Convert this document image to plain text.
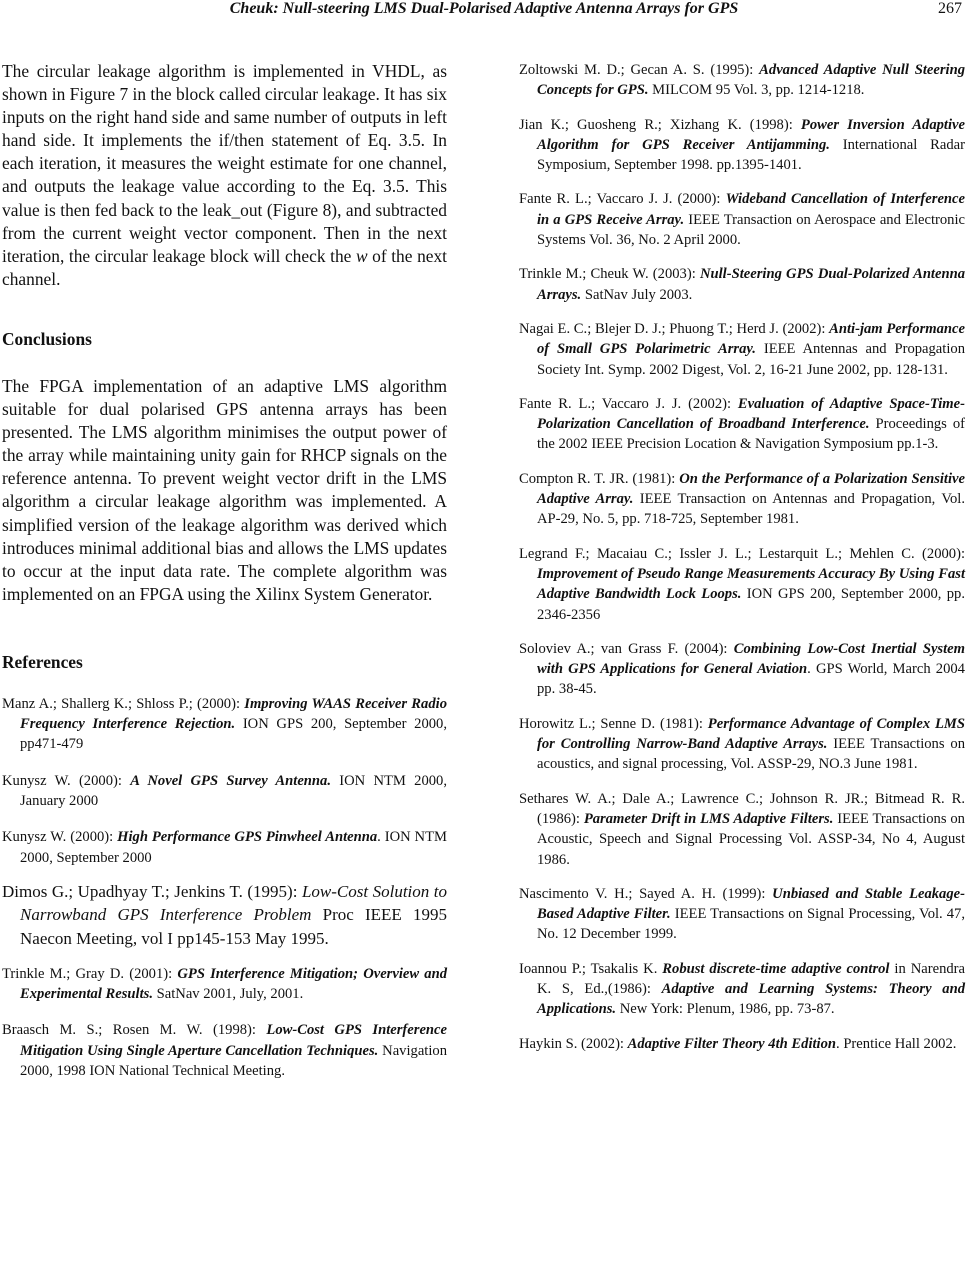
Cheuk: Null-steering LMS Dual-Polarised Adaptive Antenna Arrays for GPS	267

The circular leakage algorithm is implemented in VHDL, as shown in Figure 7 in the block called circular leakage. It has six inputs on the right hand side and same number of outputs in left hand side. It implements the if/then statement of Eq. 3.5. In each iteration, it measures the weight estimate for one channel, and outputs the leakage value according to the Eq. 3.5. This value is then fed back to the leak_out (Figure 8), and subtracted from the current weight vector component. Then in the next iteration, the circular leakage block will check the w of the next channel.

Conclusions

The FPGA implementation of an adaptive LMS algorithm suitable for dual polarised GPS antenna arrays has been presented. The LMS algorithm minimises the output power of the array while maintaining unity gain for RHCP signals on the reference antenna. To prevent weight vector drift in the LMS algorithm a circular leakage algorithm was implemented. A simplified version of the leakage algorithm was derived which introduces minimal additional bias and allows the LMS updates to occur at the input data rate. The complete algorithm was implemented on an FPGA using the Xilinx System Generator.

References

Manz A.; Shallerg K.; Shloss P.; (2000): Improving WAAS Receiver Radio Frequency Interference Rejection. ION GPS 200, September 2000, pp471-479

Kunysz W. (2000): A Novel GPS Survey Antenna. ION NTM 2000, January 2000

Kunysz W. (2000): High Performance GPS Pinwheel Antenna. ION NTM 2000, September 2000

Dimos G.; Upadhyay T.; Jenkins T. (1995): Low-Cost Solution to Narrowband GPS Interference Problem Proc IEEE 1995 Naecon Meeting, vol I pp145-153 May 1995.

Trinkle M.; Gray D. (2001): GPS Interference Mitigation; Overview and Experimental Results. SatNav 2001, July, 2001.

Braasch M. S.; Rosen M. W. (1998): Low-Cost GPS Interference Mitigation Using Single Aperture Cancellation Techniques. Navigation 2000, 1998 ION National Technical Meeting.

Zoltowski M. D.; Gecan A. S. (1995): Advanced Adaptive Null Steering Concepts for GPS. MILCOM 95 Vol. 3, pp. 1214-1218.

Jian K.; Guosheng R.; Xizhang K. (1998): Power Inversion Adaptive Algorithm for GPS Receiver Antijamming. International Radar Symposium, September 1998. pp.1395-1401.

Fante R. L.; Vaccaro J. J. (2000): Wideband Cancellation of Interference in a GPS Receive Array. IEEE Transaction on Aerospace and Electronic Systems Vol. 36, No. 2 April 2000.

Trinkle M.; Cheuk W. (2003): Null-Steering GPS Dual-Polarized Antenna Arrays. SatNav July 2003.

Nagai E. C.; Blejer D. J.; Phuong T.; Herd J. (2002): Anti-jam Performance of Small GPS Polarimetric Array. IEEE Antennas and Propagation Society Int. Symp. 2002 Digest, Vol. 2, 16-21 June 2002, pp. 128-131.

Fante R. L.; Vaccaro J. J. (2002): Evaluation of Adaptive Space-Time-Polarization Cancellation of Broadband Interference. Proceedings of the 2002 IEEE Precision Location & Navigation Symposium pp.1-3.

Compton R. T. JR. (1981): On the Performance of a Polarization Sensitive Adaptive Array. IEEE Transaction on Antennas and Propagation, Vol. AP-29, No. 5, pp. 718-725, September 1981.

Legrand F.; Macaiau C.; Issler J. L.; Lestarquit L.; Mehlen C. (2000): Improvement of Pseudo Range Measurements Accuracy By Using Fast Adaptive Bandwidth Lock Loops. ION GPS 200, September 2000, pp. 2346-2356

Soloviev A.; van Grass F. (2004): Combining Low-Cost Inertial System with GPS Applications for General Aviation. GPS World, March 2004 pp. 38-45.

Horowitz L.; Senne D. (1981): Performance Advantage of Complex LMS for Controlling Narrow-Band Adaptive Arrays. IEEE Transactions on acoustics, and signal processing, Vol. ASSP-29, NO.3 June 1981.

Sethares W. A.; Dale A.; Lawrence C.; Johnson R. JR.; Bitmead R. R. (1986): Parameter Drift in LMS Adaptive Filters. IEEE Transactions on Acoustic, Speech and Signal Processing Vol. ASSP-34, No 4, August 1986.

Nascimento V. H.; Sayed A. H. (1999): Unbiased and Stable Leakage-Based Adaptive Filter. IEEE Transactions on Signal Processing, Vol. 47, No. 12 December 1999.

Ioannou P.; Tsakalis K. Robust discrete-time adaptive control in Narendra K. S, Ed.,(1986): Adaptive and Learning Systems: Theory and Applications. New York: Plenum, 1986, pp. 73-87.

Haykin S. (2002): Adaptive Filter Theory 4th Edition. Prentice Hall 2002.
